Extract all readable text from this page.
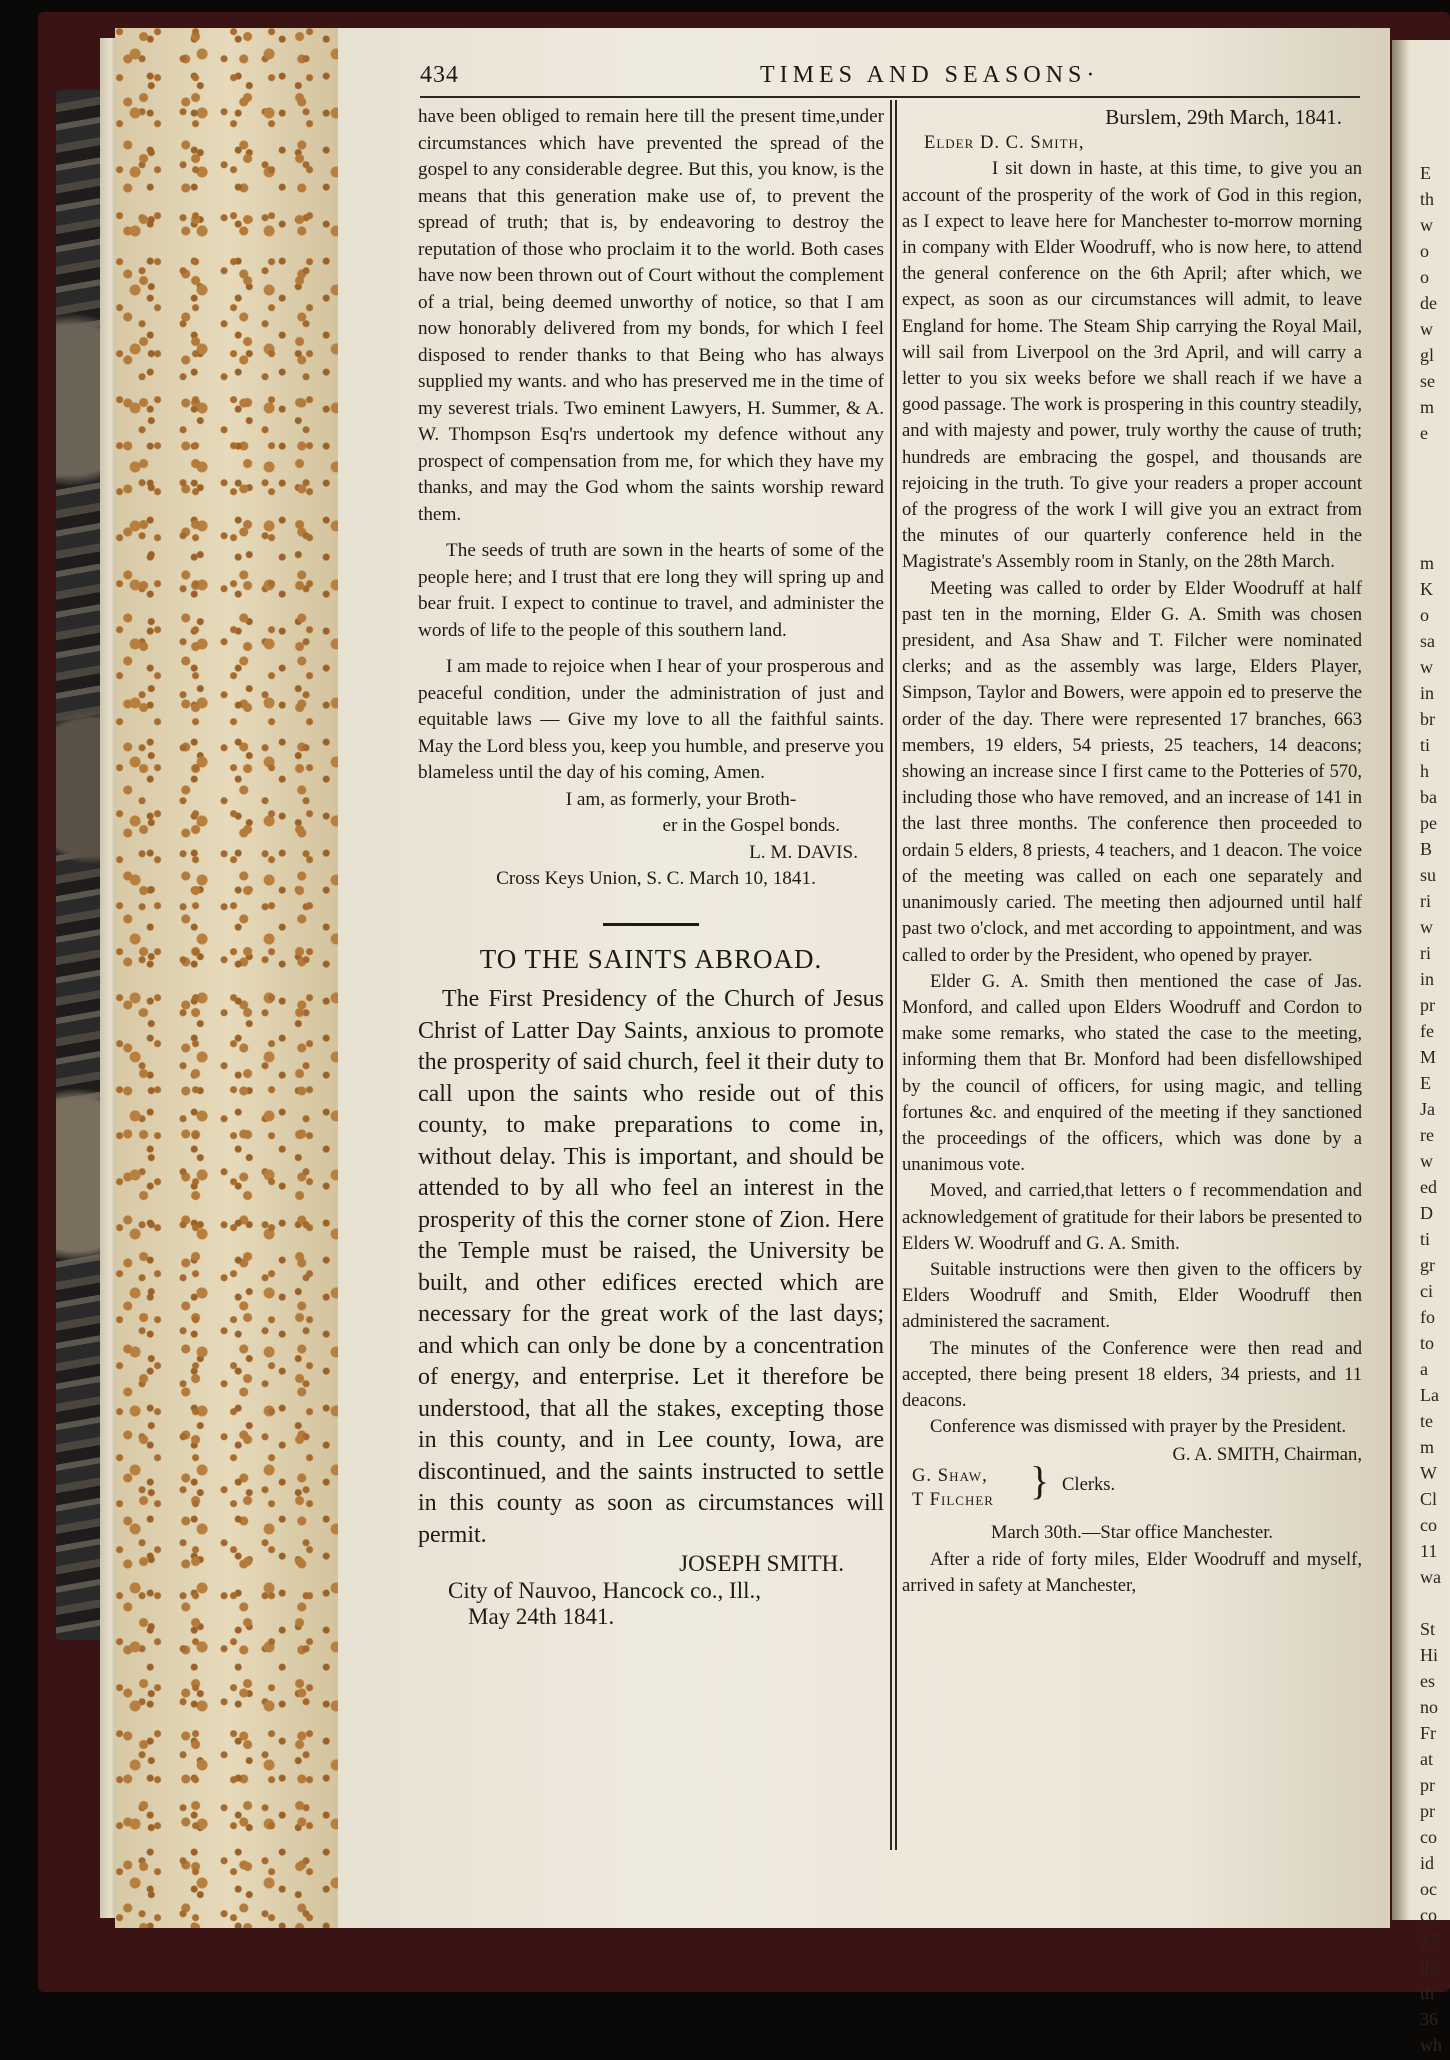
E
th
w
o
o
de
w
gl
se
m
e
m
K
o
sa
w
in
br
ti
h
ba
pe
B
su
ri
w
ri
in
pr
fe
M
E
Ja
re
w
ed
D
ti
gr
ci
fo
to
a
La
te
m
W
Cl
co
11
wa
St
Hi
es
no
Fr
at
pr
pr
co
id
oc
co
27
th
th
36
wh
434	TIMES AND SEASONS·

have been obliged to remain here till the present time,under circumstances which have prevented the spread of the gospel to any considerable degree. But this, you know, is the means that this generation make use of, to prevent the spread of truth; that is, by endeavoring to destroy the reputation of those who proclaim it to the world. Both cases have now been thrown out of Court without the complement of a trial, being deemed unworthy of notice, so that I am now honorably delivered from my bonds, for which I feel disposed to render thanks to that Being who has always supplied my wants. and who has preserved me in the time of my severest trials. Two eminent Lawyers, H. Summer, & A. W. Thompson Esq'rs undertook my defence without any prospect of compensation from me, for which they have my thanks, and may the God whom the saints worship reward them.

The seeds of truth are sown in the hearts of some of the people here; and I trust that ere long they will spring up and bear fruit. I expect to continue to travel, and administer the words of life to the people of this southern land.

I am made to rejoice when I hear of your prosperous and peaceful condition, under the administration of just and equitable laws — Give my love to all the faithful saints. May the Lord bless you, keep you humble, and preserve you blameless until the day of his coming, Amen.

I am, as formerly, your Broth-
er in the Gospel bonds.
L. M. DAVIS.
Cross Keys Union, S. C. March 10, 1841.
TO THE SAINTS ABROAD.

The First Presidency of the Church of Jesus Christ of Latter Day Saints, anxious to promote the prosperity of said church, feel it their duty to call upon the saints who reside out of this county, to make preparations to come in, without delay. This is important, and should be attended to by all who feel an interest in the prosperity of this the corner stone of Zion. Here the Temple must be raised, the University be built, and other edifices erected which are necessary for the great work of the last days; and which can only be done by a concentration of energy, and enterprise. Let it therefore be understood, that all the stakes, excepting those in this county, and in Lee county, Iowa, are discontinued, and the saints instructed to settle in this county as soon as circumstances will permit.

JOSEPH SMITH.
City of Nauvoo, Hancock co., Ill.,
May 24th 1841.
Burslem, 29th March, 1841.
Elder D. C. Smith,

I sit down in haste, at this time, to give you an account of the prosperity of the work of God in this region, as I expect to leave here for Manchester to-morrow morning in company with Elder Woodruff, who is now here, to attend the general conference on the 6th April; after which, we expect, as soon as our circumstances will admit, to leave England for home. The Steam Ship carrying the Royal Mail, will sail from Liverpool on the 3rd April, and will carry a letter to you six weeks before we shall reach if we have a good passage. The work is prospering in this country steadily, and with majesty and power, truly worthy the cause of truth; hundreds are embracing the gospel, and thousands are rejoicing in the truth. To give your readers a proper account of the progress of the work I will give you an extract from the minutes of our quarterly conference held in the Magistrate's Assembly room in Stanly, on the 28th March.

Meeting was called to order by Elder Woodruff at half past ten in the morning, Elder G. A. Smith was chosen president, and Asa Shaw and T. Filcher were nominated clerks; and as the assembly was large, Elders Player, Simpson, Taylor and Bowers, were appoin ed to preserve the order of the day. There were represented 17 branches, 663 members, 19 elders, 54 priests, 25 teachers, 14 deacons; showing an increase since I first came to the Potteries of 570, including those who have removed, and an increase of 141 in the last three months. The conference then proceeded to ordain 5 elders, 8 priests, 4 teachers, and 1 deacon. The voice of the meeting was called on each one separately and unanimously caried. The meeting then adjourned until half past two o'clock, and met according to appointment, and was called to order by the President, who opened by prayer.

Elder G. A. Smith then mentioned the case of Jas. Monford, and called upon Elders Woodruff and Cordon to make some remarks, who stated the case to the meeting, informing them that Br. Monford had been disfellowshiped by the council of officers, for using magic, and telling fortunes &c. and enquired of the meeting if they sanctioned the proceedings of the officers, which was done by a unanimous vote.

Moved, and carried,that letters o f recommendation and acknowledgement of gratitude for their labors be presented to Elders W. Woodruff and G. A. Smith.

Suitable instructions were then given to the officers by Elders Woodruff and Smith, Elder Woodruff then administered the sacrament.

The minutes of the Conference were then read and accepted, there being present 18 elders, 34 priests, and 11 deacons.

Conference was dismissed with prayer by the President.

G. A. SMITH, Chairman,
G. Shaw,
T Filcher } Clerks.
March 30th.—Star office Manchester.

After a ride of forty miles, Elder Woodruff and myself, arrived in safety at Manchester,
